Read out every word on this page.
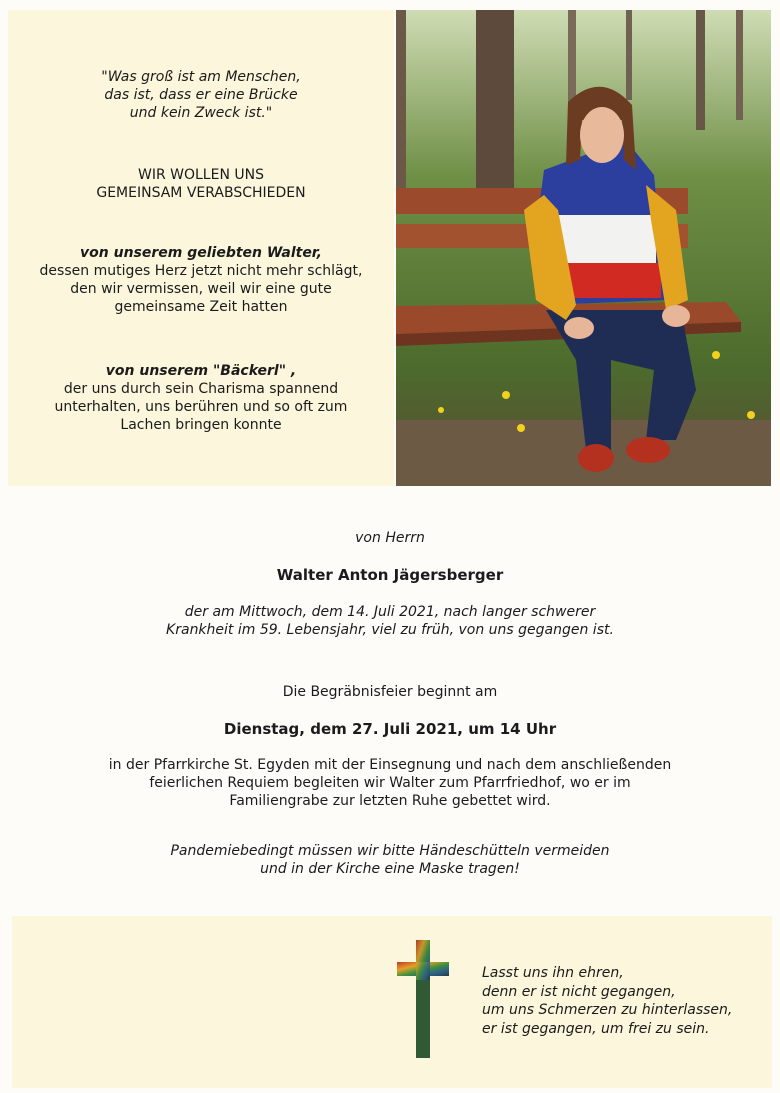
"Was groß ist am Menschen,
das ist, dass er eine Brücke
und kein Zweck ist."
WIR WOLLEN UNS
GEMEINSAM VERABSCHIEDEN
von unserem geliebten Walter,
dessen mutiges Herz jetzt nicht mehr schlägt,
den wir vermissen, weil wir eine gute
gemeinsame Zeit hatten
von unserem "Bäckerl" ,
der uns durch sein Charisma spannend
unterhalten, uns berühren und so oft zum
Lachen bringen konnte
von Herrn
Walter Anton Jägersberger
der am Mittwoch, dem 14. Juli 2021, nach langer schwerer
Krankheit im 59. Lebensjahr, viel zu früh, von uns gegangen ist.
Die Begräbnisfeier beginnt am
Dienstag, dem 27. Juli 2021, um 14 Uhr
in der Pfarrkirche St. Egyden mit der Einsegnung und nach dem anschließenden
feierlichen Requiem begleiten wir Walter zum Pfarrfriedhof, wo er im
Familiengrabe zur letzten Ruhe gebettet wird.
Pandemiebedingt müssen wir bitte Händeschütteln vermeiden
und in der Kirche eine Maske tragen!
Lasst uns ihn ehren,
denn er ist nicht gegangen,
um uns Schmerzen zu hinterlassen,
er ist gegangen, um frei zu sein.
